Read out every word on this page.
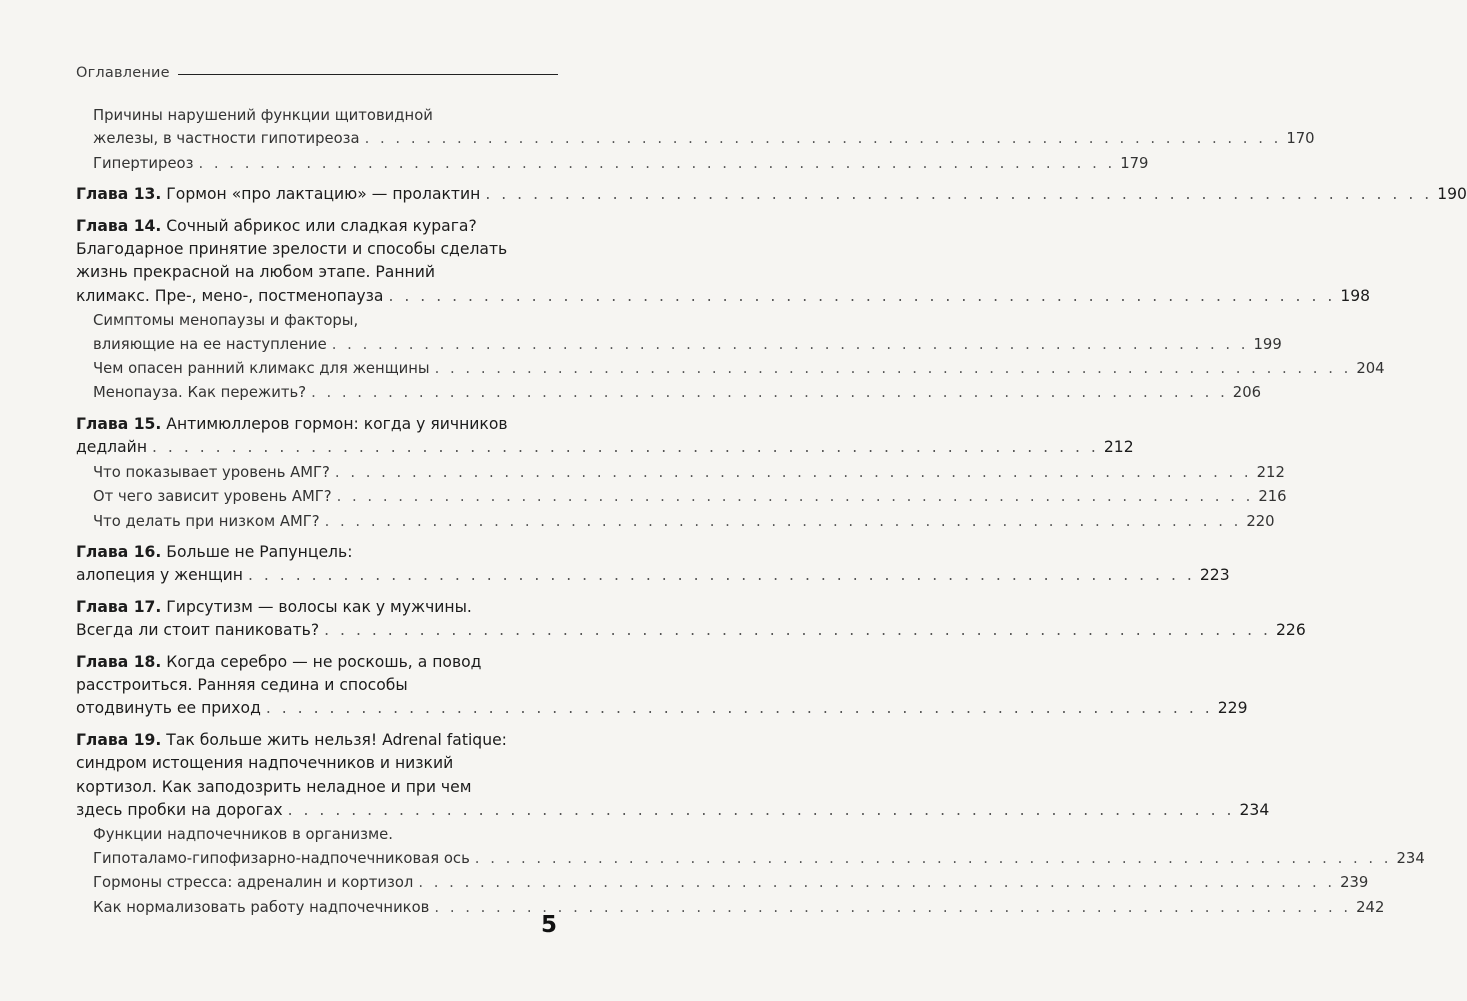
Оглавление
Причины нарушений функции щитовидной
железы, в частности гипотиреоза . . . . . . . . . . . . . . . . . . . . . . . . . . . . . . . . . . . . . . . . . . . . . . . . . . . . . . . . . . . . 170
Гипертиреоз . . . . . . . . . . . . . . . . . . . . . . . . . . . . . . . . . . . . . . . . . . . . . . . . . . . . . . . . . . . . 179
Глава 13. Гормон «про лактацию» — пролактин . . . . . . . . . . . . . . . . . . . . . . . . . . . . . . . . . . . . . . . . . . . . . . . . . . . . . . . . . . . . 190
Глава 14. Сочный абрикос или сладкая курага?
Благодарное принятие зрелости и способы сделать
жизнь прекрасной на любом этапе. Ранний
климакс. Пре-, мено-, постменопауза . . . . . . . . . . . . . . . . . . . . . . . . . . . . . . . . . . . . . . . . . . . . . . . . . . . . . . . . . . . . 198
Симптомы менопаузы и факторы,
влияющие на ее наступление . . . . . . . . . . . . . . . . . . . . . . . . . . . . . . . . . . . . . . . . . . . . . . . . . . . . . . . . . . . . 199
Чем опасен ранний климакс для женщины . . . . . . . . . . . . . . . . . . . . . . . . . . . . . . . . . . . . . . . . . . . . . . . . . . . . . . . . . . . . 204
Менопауза. Как пережить? . . . . . . . . . . . . . . . . . . . . . . . . . . . . . . . . . . . . . . . . . . . . . . . . . . . . . . . . . . . . 206
Глава 15. Антимюллеров гормон: когда у яичников
дедлайн . . . . . . . . . . . . . . . . . . . . . . . . . . . . . . . . . . . . . . . . . . . . . . . . . . . . . . . . . . . . 212
Что показывает уровень АМГ? . . . . . . . . . . . . . . . . . . . . . . . . . . . . . . . . . . . . . . . . . . . . . . . . . . . . . . . . . . . . 212
От чего зависит уровень АМГ? . . . . . . . . . . . . . . . . . . . . . . . . . . . . . . . . . . . . . . . . . . . . . . . . . . . . . . . . . . . . 216
Что делать при низком АМГ? . . . . . . . . . . . . . . . . . . . . . . . . . . . . . . . . . . . . . . . . . . . . . . . . . . . . . . . . . . . . 220
Глава 16. Больше не Рапунцель:
алопеция у женщин . . . . . . . . . . . . . . . . . . . . . . . . . . . . . . . . . . . . . . . . . . . . . . . . . . . . . . . . . . . . 223
Глава 17. Гирсутизм — волосы как у мужчины.
Всегда ли стоит паниковать? . . . . . . . . . . . . . . . . . . . . . . . . . . . . . . . . . . . . . . . . . . . . . . . . . . . . . . . . . . . . 226
Глава 18. Когда серебро — не роскошь, а повод
расстроиться. Ранняя седина и способы
отодвинуть ее приход . . . . . . . . . . . . . . . . . . . . . . . . . . . . . . . . . . . . . . . . . . . . . . . . . . . . . . . . . . . . 229
Глава 19. Так больше жить нельзя! Adrenal fatique:
синдром истощения надпочечников и низкий
кортизол. Как заподозрить неладное и при чем
здесь пробки на дорогах . . . . . . . . . . . . . . . . . . . . . . . . . . . . . . . . . . . . . . . . . . . . . . . . . . . . . . . . . . . . 234
Функции надпочечников в организме.
Гипоталамо-гипофизарно-надпочечниковая ось . . . . . . . . . . . . . . . . . . . . . . . . . . . . . . . . . . . . . . . . . . . . . . . . . . . . . . . . . . . . 234
Гормоны стресса: адреналин и кортизол . . . . . . . . . . . . . . . . . . . . . . . . . . . . . . . . . . . . . . . . . . . . . . . . . . . . . . . . . . . . 239
Как нормализовать работу надпочечников . . . . . . . . . . . . . . . . . . . . . . . . . . . . . . . . . . . . . . . . . . . . . . . . . . . . . . . . . . . . 242
5
